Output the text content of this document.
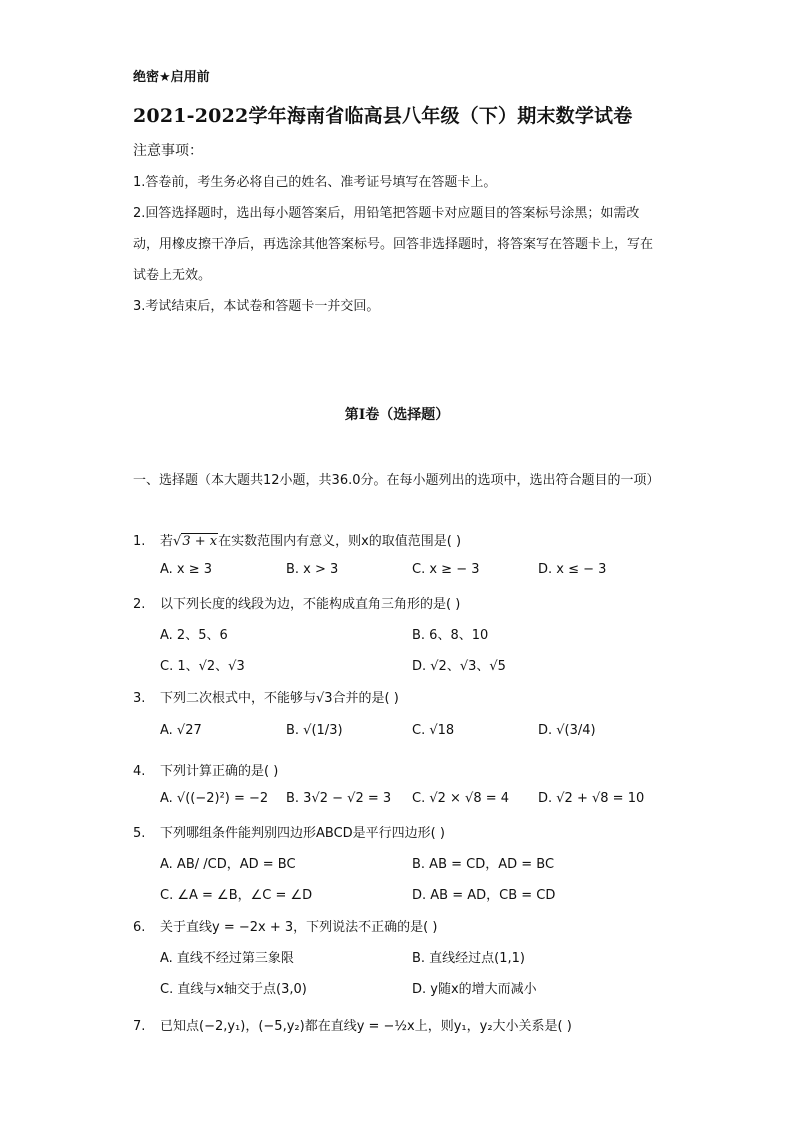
绝密★启用前
2021-2022学年海南省临高县八年级（下）期末数学试卷
注意事项：
1.答卷前，考生务必将自己的姓名、准考证号填写在答题卡上。
2.回答选择题时，选出每小题答案后，用铅笔把答题卡对应题目的答案标号涂黑；如需改动，用橡皮擦干净后，再选涂其他答案标号。回答非选择题时，将答案写在答题卡上，写在试卷上无效。
3.考试结束后，本试卷和答题卡一并交回。
第I卷（选择题）
一、选择题（本大题共12小题，共36.0分。在每小题列出的选项中，选出符合题目的一项）
1. 若√3 + x在实数范围内有意义，则x的取值范围是( )
A. x ≥ 3	B. x > 3	C. x ≥ − 3	D. x ≤ − 3
2. 以下列长度的线段为边，不能构成直角三角形的是( )
A. 2、5、6	B. 6、8、10
C. 1、√2、√3	D. √2、√3、√5
3. 下列二次根式中，不能够与√3合并的是( )
A. √27	B. √(1/3)	C. √18	D. √(3/4)
4. 下列计算正确的是( )
A. √((−2)²) = −2 B. 3√2 − √2 = 3 C. √2 × √8 = 4 D. √2 + √8 = 10
5. 下列哪组条件能判别四边形ABCD是平行四边形( )
A. AB/ /CD，AD = BC	B. AB = CD，AD = BC
C. ∠A = ∠B，∠C = ∠D	D. AB = AD，CB = CD
6. 关于直线y = −2x + 3，下列说法不正确的是( )
A. 直线不经过第三象限	B. 直线经过点(1,1)
C. 直线与x轴交于点(3,0)	D. y随x的增大而减小
7. 已知点(−2,y₁)，(−5,y₂)都在直线y = −½x上，则y₁，y₂大小关系是( )
